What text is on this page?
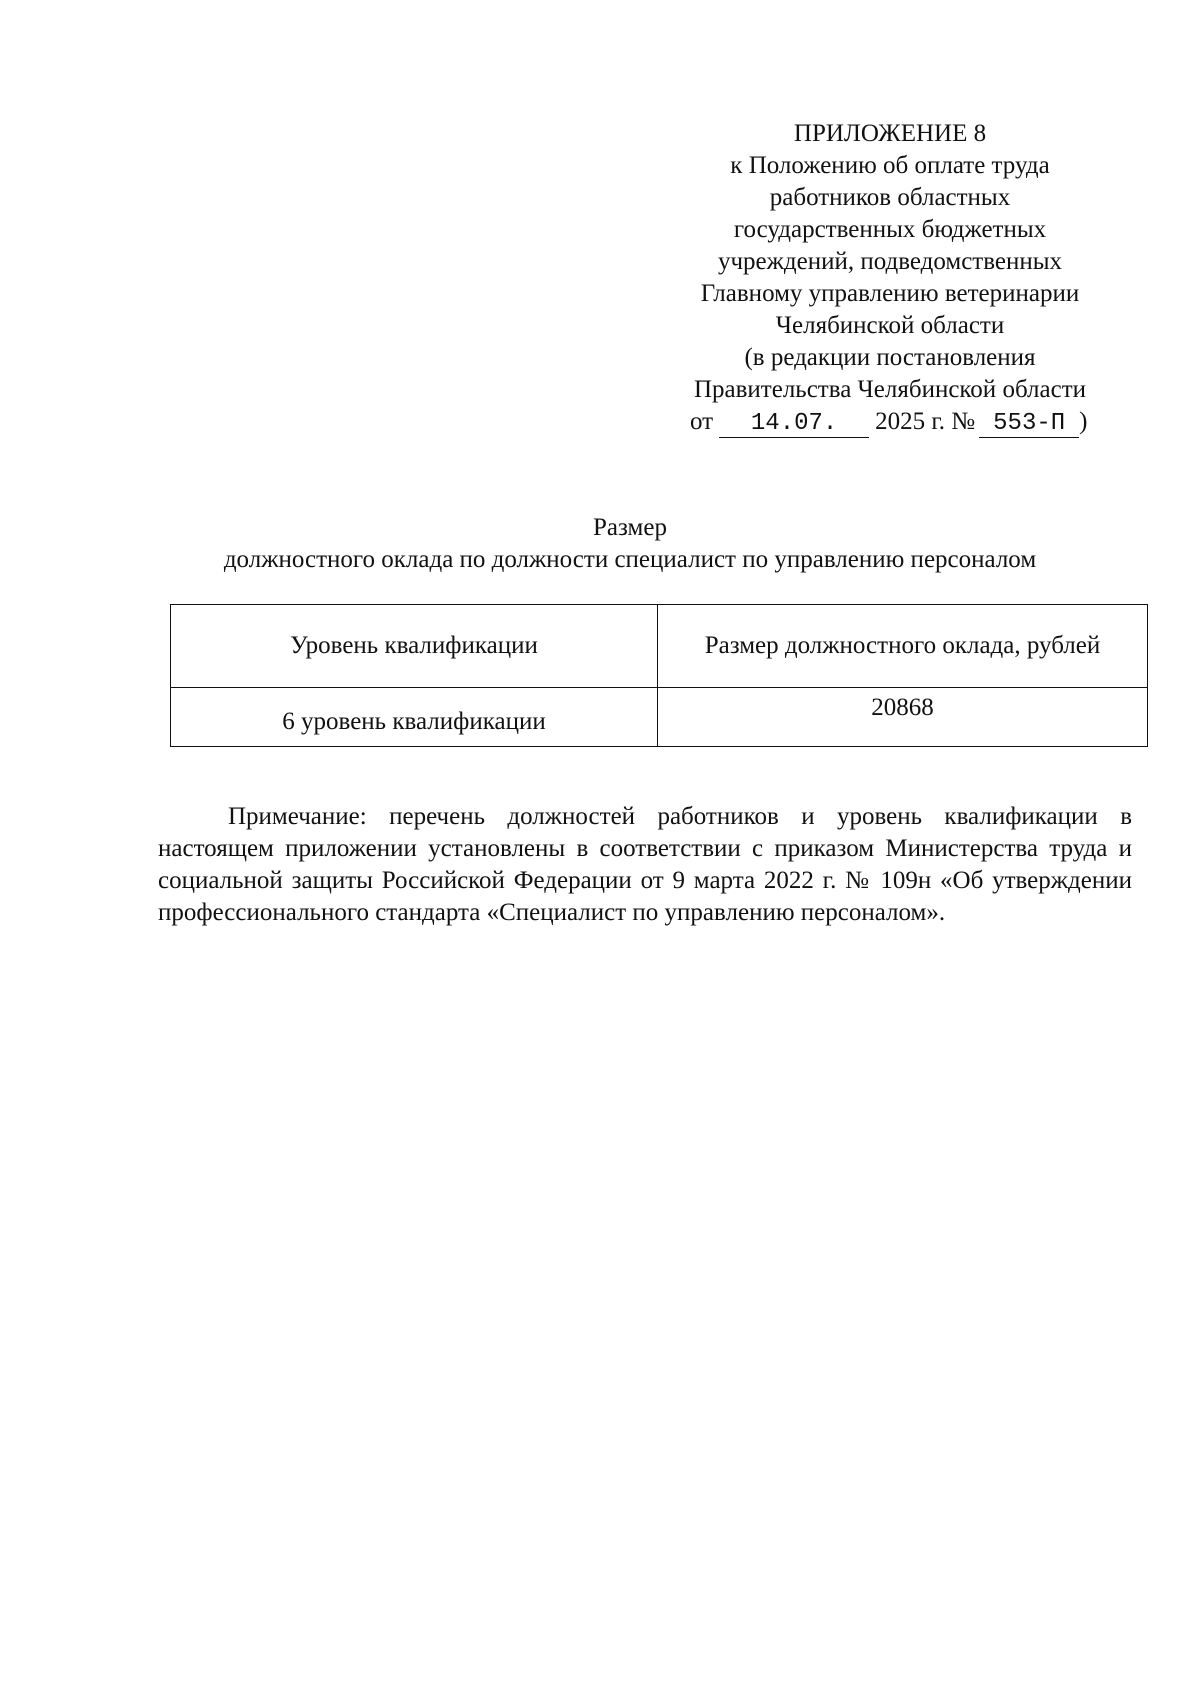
ПРИЛОЖЕНИЕ 8
к Положению об оплате труда
работников областных
государственных бюджетных
учреждений, подведомственных
Главному управлению ветеринарии
Челябинской области
(в редакции постановления
Правительства Челябинской области
от 14.07. 2025 г. № 553-П )
Размер
должностного оклада по должности специалист по управлению персоналом
Уровень квалификации	Размер должностного оклада, рублей
6 уровень квалификации	20868

Примечание: перечень должностей работников и уровень квалификации в настоящем приложении установлены в соответствии с приказом Министерства труда и социальной защиты Российской Федерации от 9 марта 2022 г. № 109н «Об утверждении профессионального стандарта «Специалист по управлению персоналом».
